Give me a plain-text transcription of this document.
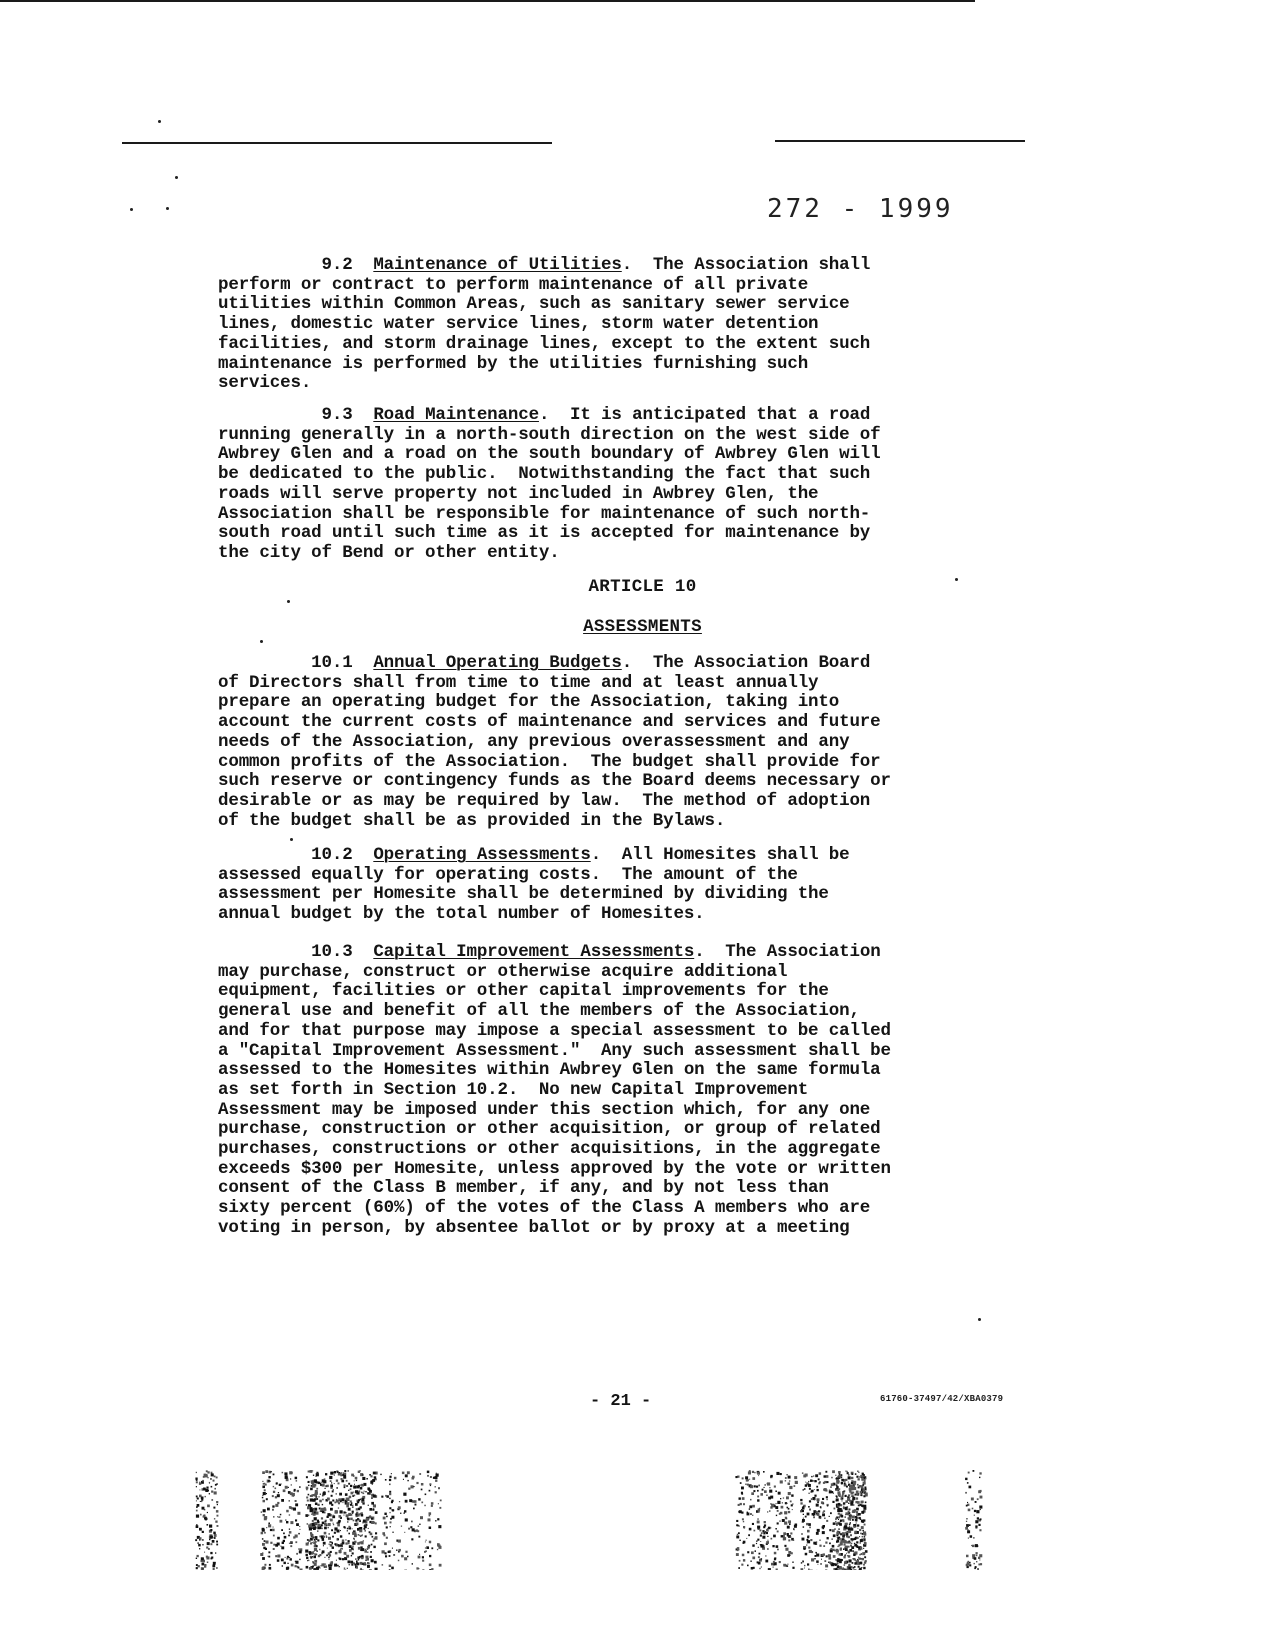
272 - 1999
9.2 Maintenance of Utilities.  The Association shall
perform or contract to perform maintenance of all private
utilities within Common Areas, such as sanitary sewer service
lines, domestic water service lines, storm water detention
facilities, and storm drainage lines, except to the extent such
maintenance is performed by the utilities furnishing such
services.
9.3 Road Maintenance.  It is anticipated that a road
running generally in a north-south direction on the west side of
Awbrey Glen and a road on the south boundary of Awbrey Glen will
be dedicated to the public.  Notwithstanding the fact that such
roads will serve property not included in Awbrey Glen, the
Association shall be responsible for maintenance of such north-
south road until such time as it is accepted for maintenance by
the city of Bend or other entity.
ARTICLE 10
ASSESSMENTS
10.1 Annual Operating Budgets.  The Association Board
of Directors shall from time to time and at least annually
prepare an operating budget for the Association, taking into
account the current costs of maintenance and services and future
needs of the Association, any previous overassessment and any
common profits of the Association.  The budget shall provide for
such reserve or contingency funds as the Board deems necessary or
desirable or as may be required by law.  The method of adoption
of the budget shall be as provided in the Bylaws.
10.2 Operating Assessments.  All Homesites shall be
assessed equally for operating costs.  The amount of the
assessment per Homesite shall be determined by dividing the
annual budget by the total number of Homesites.
10.3 Capital Improvement Assessments.  The Association
may purchase, construct or otherwise acquire additional
equipment, facilities or other capital improvements for the
general use and benefit of all the members of the Association,
and for that purpose may impose a special assessment to be called
a "Capital Improvement Assessment."  Any such assessment shall be
assessed to the Homesites within Awbrey Glen on the same formula
as set forth in Section 10.2.  No new Capital Improvement
Assessment may be imposed under this section which, for any one
purchase, construction or other acquisition, or group of related
purchases, constructions or other acquisitions, in the aggregate
exceeds $300 per Homesite, unless approved by the vote or written
consent of the Class B member, if any, and by not less than
sixty percent (60%) of the votes of the Class A members who are
voting in person, by absentee ballot or by proxy at a meeting
- 21 -	61760-37497/42/XBA0379
